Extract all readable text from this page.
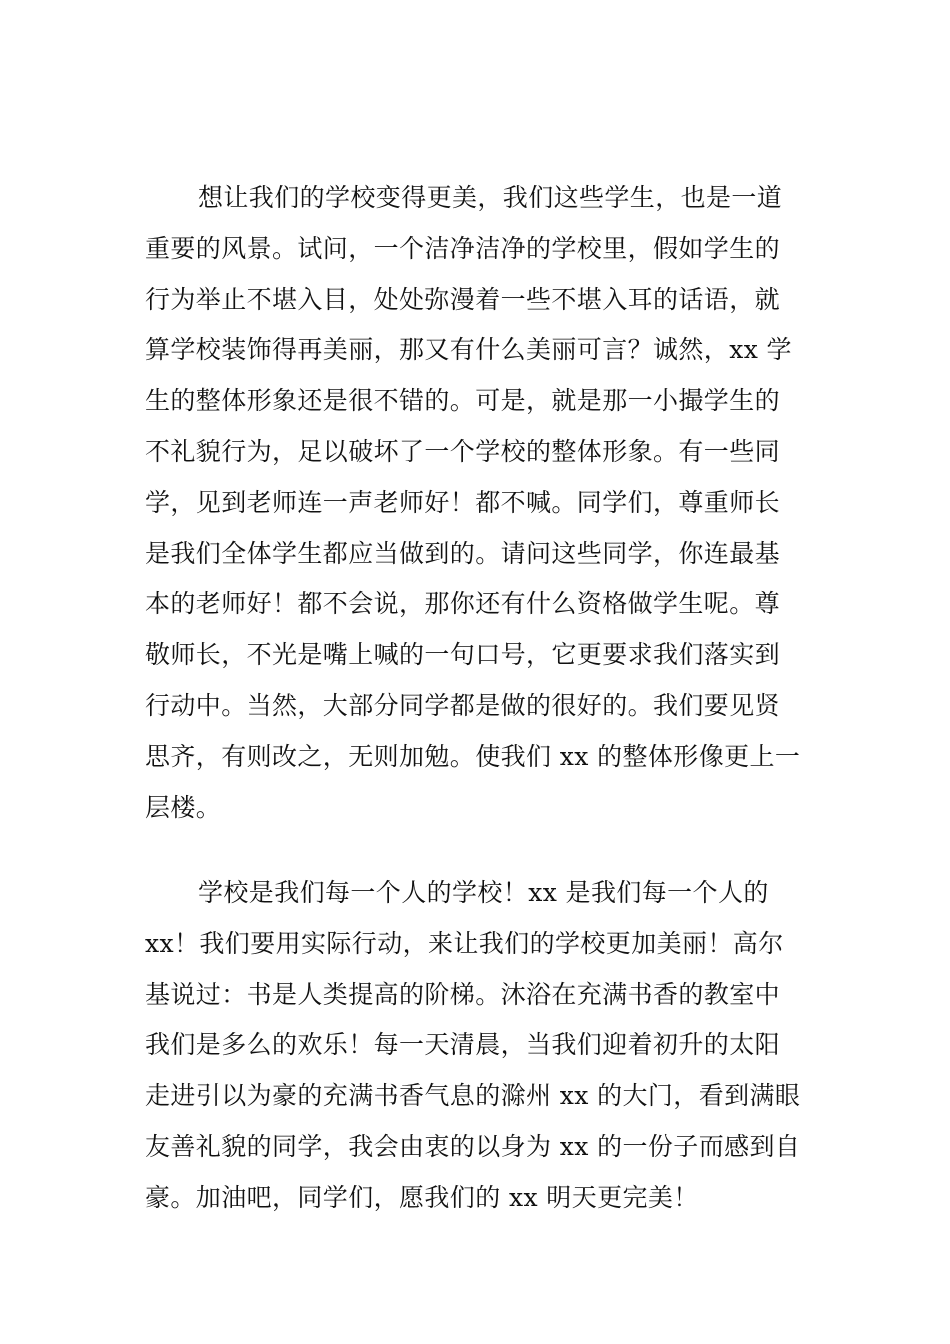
想让我们的学校变得更美，我们这些学生，也是一道
重要的风景。试问，一个洁净洁净的学校里，假如学生的
行为举止不堪入目，处处弥漫着一些不堪入耳的话语，就
算学校装饰得再美丽，那又有什么美丽可言？诚然，xx 学
生的整体形象还是很不错的。可是，就是那一小撮学生的
不礼貌行为，足以破坏了一个学校的整体形象。有一些同
学，见到老师连一声老师好！都不喊。同学们，尊重师长
是我们全体学生都应当做到的。请问这些同学，你连最基
本的老师好！都不会说，那你还有什么资格做学生呢。尊
敬师长，不光是嘴上喊的一句口号，它更要求我们落实到
行动中。当然，大部分同学都是做的很好的。我们要见贤
思齐，有则改之，无则加勉。使我们 xx 的整体形像更上一
层楼。
学校是我们每一个人的学校！xx 是我们每一个人的
xx！我们要用实际行动，来让我们的学校更加美丽！高尔
基说过：书是人类提高的阶梯。沐浴在充满书香的教室中
我们是多么的欢乐！每一天清晨，当我们迎着初升的太阳
走进引以为豪的充满书香气息的滁州 xx 的大门，看到满眼
友善礼貌的同学，我会由衷的以身为 xx 的一份子而感到自
豪。加油吧，同学们，愿我们的 xx 明天更完美！
